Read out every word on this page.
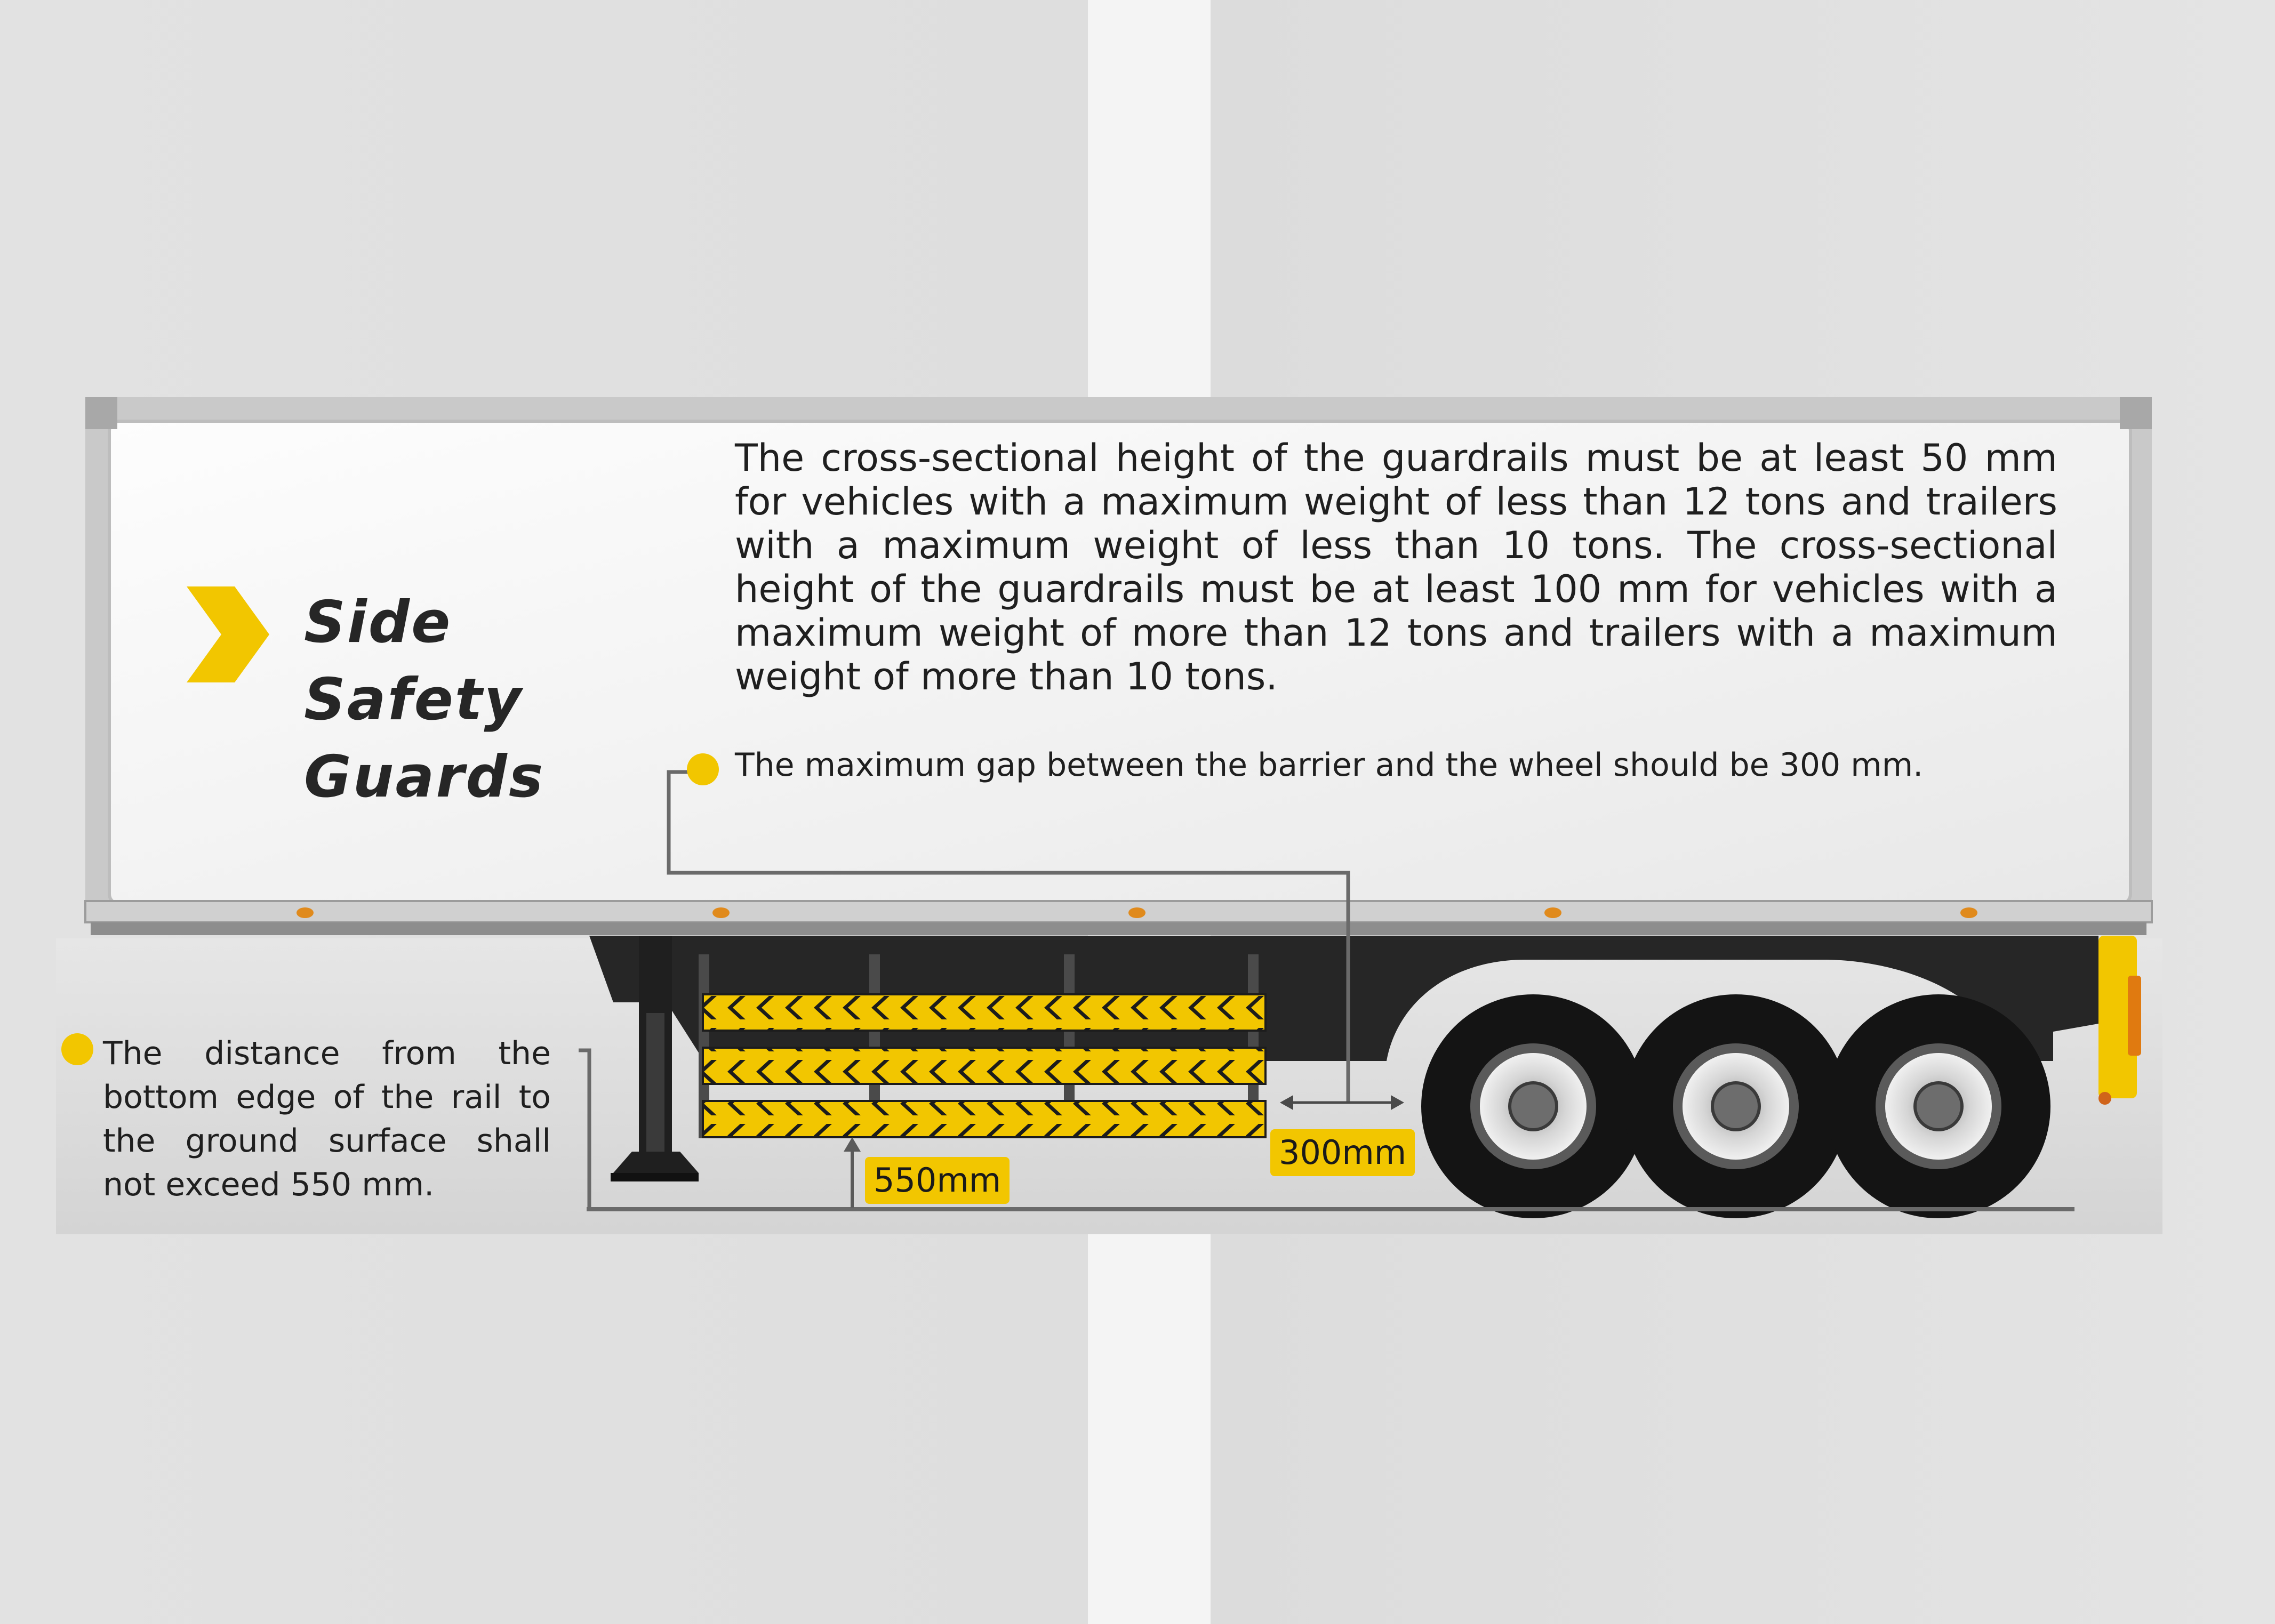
Side Safety
Guards
The cross-sectional height of the guardrails must be at least 50 mm for vehicles with a maximum weight of less than 12 tons and trailers with a maximum weight of less than 10 tons. The cross-sectional height of the guardrails must be at least 100 mm for vehicles with a maximum weight of more than 12 tons and trailers with a maximum weight of more than 10 tons.
The maximum gap between the barrier and the wheel should be 300 mm.
The distance from the bottom edge of the rail to the ground surface shall not exceed 550 mm.	550mm
300mm
